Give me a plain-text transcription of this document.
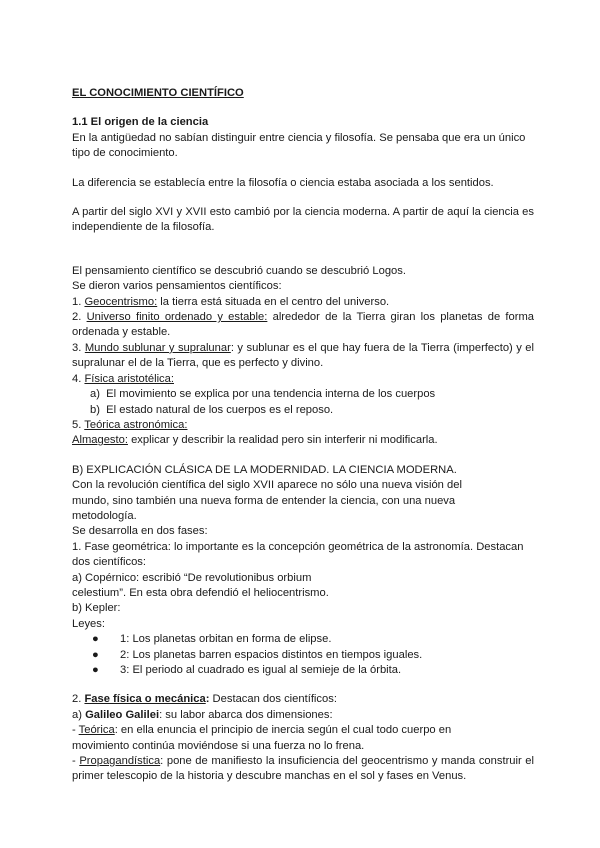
EL CONOCIMIENTO CIENTÍFICO
1.1 El origen de la ciencia

En la antigüedad no sabían distinguir entre ciencia y filosofía. Se pensaba que era un único tipo de conocimiento.

La diferencia se establecía entre la filosofía o ciencia estaba asociada a los sentidos.

A partir del siglo XVI y XVII esto cambió por la ciencia moderna. A partir de aquí la ciencia es independiente de la filosofía.

El pensamiento científico se descubrió cuando se descubrió Logos.

Se dieron varios pensamientos científicos:

1. Geocentrismo: la tierra está situada en el centro del universo.

2. Universo finito ordenado y estable: alrededor de la Tierra giran los planetas de forma ordenada y estable.

3. Mundo sublunar y supralunar: y sublunar es el que hay fuera de la Tierra (imperfecto) y el supralunar el de la Tierra, que es perfecto y divino.

4. Física aristotélica:

a) El movimiento se explica por una tendencia interna de los cuerpos

b) El estado natural de los cuerpos es el reposo.

5. Teórica astronómica:

Almagesto: explicar y describir la realidad pero sin interferir ni modificarla.

B) EXPLICACIÓN CLÁSICA DE LA MODERNIDAD. LA CIENCIA MODERNA.

Con la revolución científica del siglo XVII aparece no sólo una nueva visión del

mundo, sino también una nueva forma de entender la ciencia, con una nueva

metodología.

Se desarrolla en dos fases:

1. Fase geométrica: lo importante es la concepción geométrica de la astronomía. Destacan dos científicos:

a) Copérnico: escribió “De revolutionibus orbium

celestium”. En esta obra defendió el heliocentrismo.

b) Kepler:

Leyes:

● 1: Los planetas orbitan en forma de elipse.

● 2: Los planetas barren espacios distintos en tiempos iguales.

● 3: El periodo al cuadrado es igual al semieje de la órbita.

2. Fase física o mecánica: Destacan dos científicos:

a) Galileo Galilei: su labor abarca dos dimensiones:

- Teórica: en ella enuncia el principio de inercia según el cual todo cuerpo en

movimiento continúa moviéndose si una fuerza no lo frena.

- Propagandística: pone de manifiesto la insuficiencia del geocentrismo y manda construir el primer telescopio de la historia y descubre manchas en el sol y fases en Venus.
